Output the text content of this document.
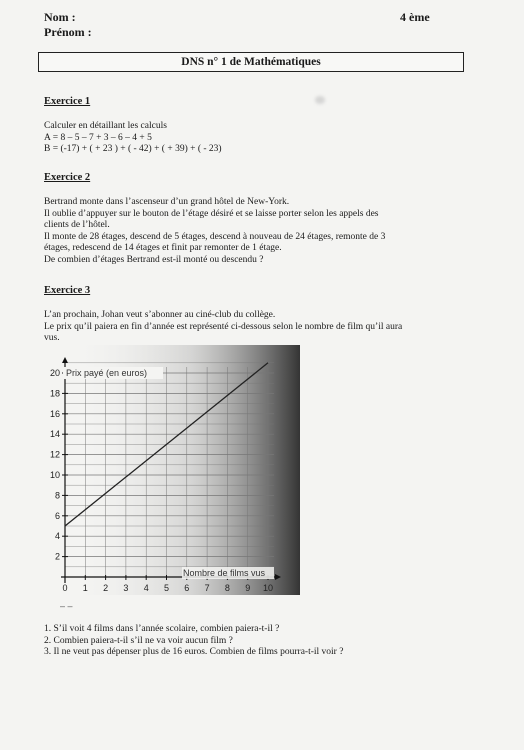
Nom :
Prénom :
4 ème
DNS n° 1 de Mathématiques
Exercice 1
Calculer en détaillant les calculs
A = 8 – 5 – 7 + 3 – 6 – 4 + 5
B = (-17) + ( + 23 ) + ( - 42) + ( + 39) + ( - 23)
Exercice 2
Bertrand monte dans l’ascenseur d’un grand hôtel de New-York.
Il oublie d’appuyer sur le bouton de l’étage désiré et se laisse porter selon les appels des
clients de l’hôtel.
Il monte de 28 étages, descend de 5 étages, descend à nouveau de 24 étages, remonte de 3
étages, redescend de 14 étages et finit par remonter de 1 étage.
De combien d’étages Bertrand est-il monté ou descendu ?
Exercice 3
L’an prochain, Johan veut s’abonner au ciné-club du collège.
Le prix qu’il paiera en fin d’année est représenté ci-dessous selon le nombre de film qu’il aura
vus.
2
4
6
8
10
12
14
16
18
20
0 1 2 3 4 5 6 7 8 9 10
Prix payé (en euros)
Nombre de films vus
‒ ‒
1. S’il voit 4 films dans l’année scolaire, combien paiera-t-il ?
2. Combien paiera-t-il s’il ne va voir aucun film ?
3. Il ne veut pas dépenser plus de 16 euros. Combien de films pourra-t-il voir ?
